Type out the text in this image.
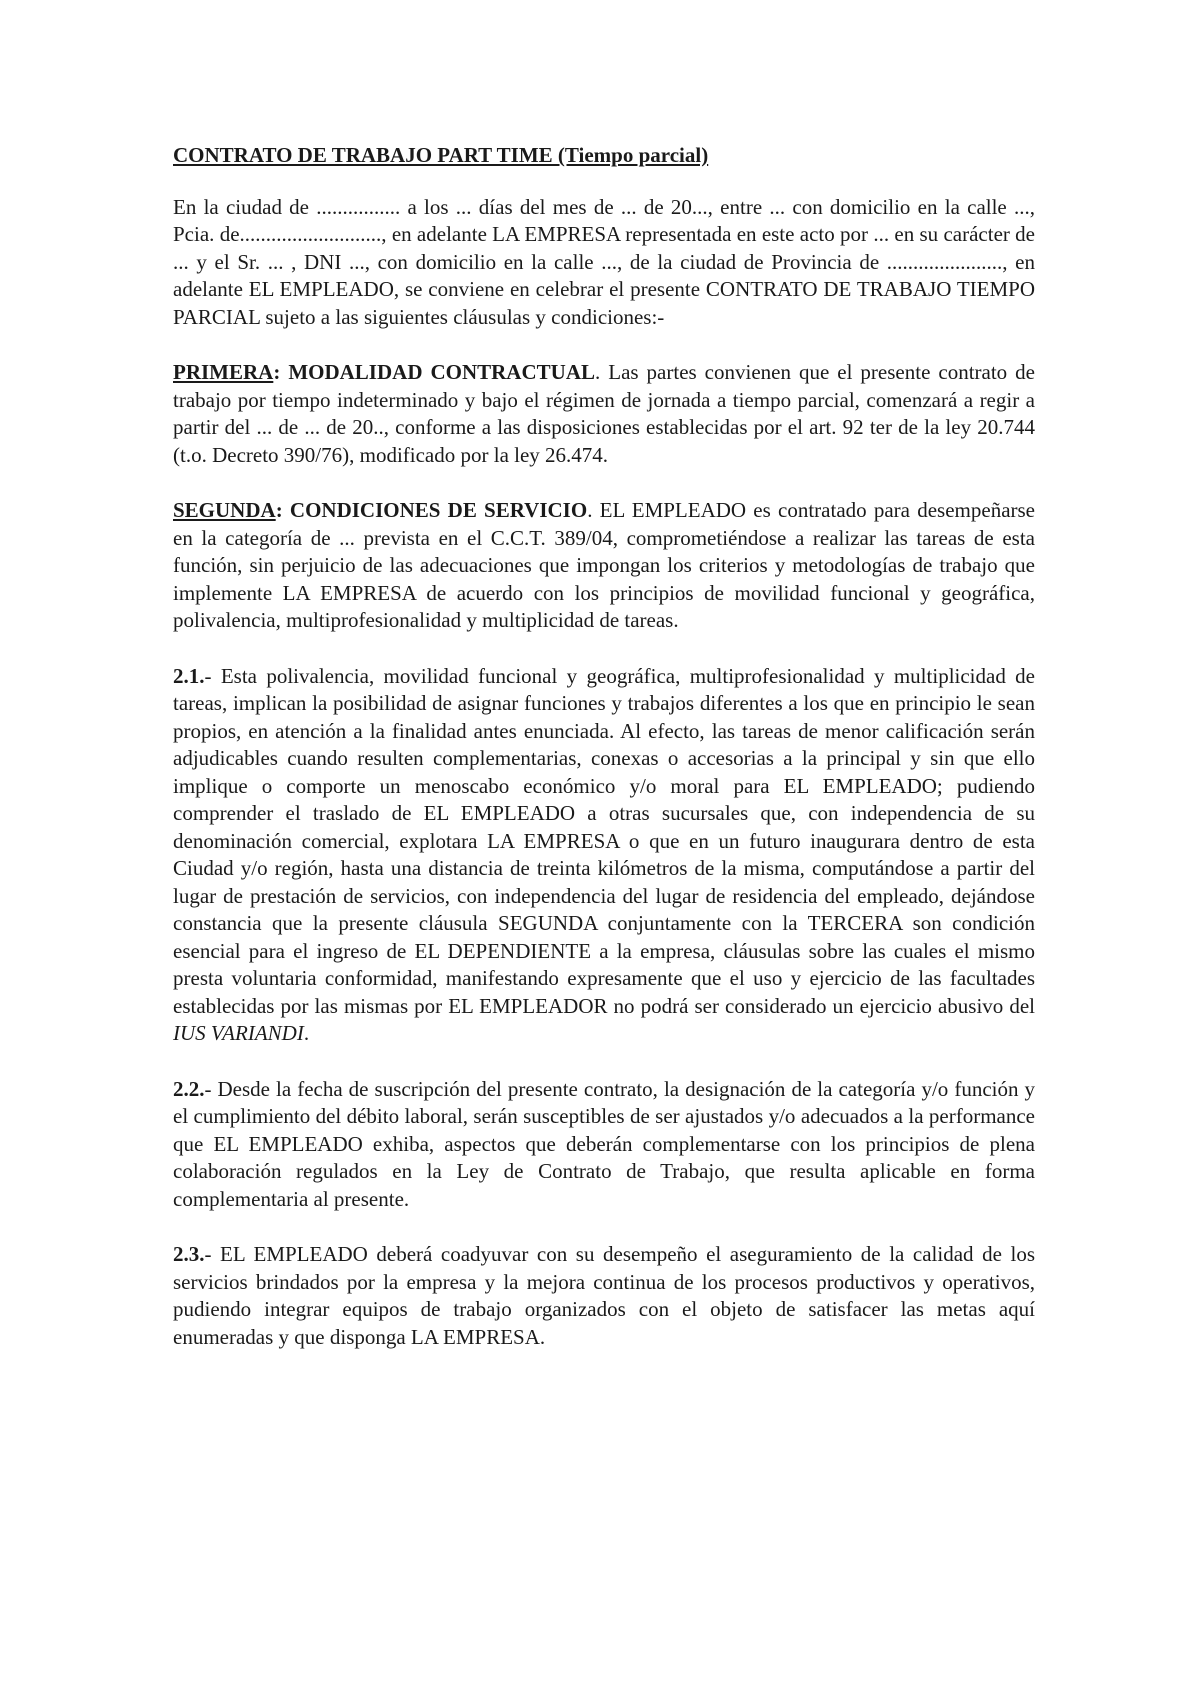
CONTRATO DE TRABAJO PART TIME (Tiempo parcial)

En la ciudad de ................ a los ... días del mes de ... de 20..., entre ... con domicilio en la calle ..., Pcia. de..........................., en adelante LA EMPRESA representada en este acto por ... en su carácter de ... y el Sr. ... , DNI ..., con domicilio en la calle ..., de la ciudad de Provincia de ......................, en adelante EL EMPLEADO, se conviene en celebrar el presente CONTRATO DE TRABAJO TIEMPO PARCIAL sujeto a las siguientes cláusulas y condiciones:-

PRIMERA: MODALIDAD CONTRACTUAL. Las partes convienen que el presente contrato de trabajo por tiempo indeterminado y bajo el régimen de jornada a tiempo parcial, comenzará a regir a partir del ... de ... de 20.., conforme a las disposiciones establecidas por el art. 92 ter de la ley 20.744 (t.o. Decreto 390/76), modificado por la ley 26.474.

SEGUNDA: CONDICIONES DE SERVICIO. EL EMPLEADO es contratado para desempeñarse en la categoría de ... prevista en el C.C.T. 389/04, comprometiéndose a realizar las tareas de esta función, sin perjuicio de las adecuaciones que impongan los criterios y metodologías de trabajo que implemente LA EMPRESA de acuerdo con los principios de movilidad funcional y geográfica, polivalencia, multiprofesionalidad y multiplicidad de tareas.

2.1.- Esta polivalencia, movilidad funcional y geográfica, multiprofesionalidad y multiplicidad de tareas, implican la posibilidad de asignar funciones y trabajos diferentes a los que en principio le sean propios, en atención a la finalidad antes enunciada. Al efecto, las tareas de menor calificación serán adjudicables cuando resulten complementarias, conexas o accesorias a la principal y sin que ello implique o comporte un menoscabo económico y/o moral para EL EMPLEADO; pudiendo comprender el traslado de EL EMPLEADO a otras sucursales que, con independencia de su denominación comercial, explotara LA EMPRESA o que en un futuro inaugurara dentro de esta Ciudad y/o región, hasta una distancia de treinta kilómetros de la misma, computándose a partir del lugar de prestación de servicios, con independencia del lugar de residencia del empleado, dejándose constancia que la presente cláusula SEGUNDA conjuntamente con la TERCERA son condición esencial para el ingreso de EL DEPENDIENTE a la empresa, cláusulas sobre las cuales el mismo presta voluntaria conformidad, manifestando expresamente que el uso y ejercicio de las facultades establecidas por las mismas por EL EMPLEADOR no podrá ser considerado un ejercicio abusivo del IUS VARIANDI.

2.2.- Desde la fecha de suscripción del presente contrato, la designación de la categoría y/o función y el cumplimiento del débito laboral, serán susceptibles de ser ajustados y/o adecuados a la performance que EL EMPLEADO exhiba, aspectos que deberán complementarse con los principios de plena colaboración regulados en la Ley de Contrato de Trabajo, que resulta aplicable en forma complementaria al presente.

2.3.- EL EMPLEADO deberá coadyuvar con su desempeño el aseguramiento de la calidad de los servicios brindados por la empresa y la mejora continua de los procesos productivos y operativos, pudiendo integrar equipos de trabajo organizados con el objeto de satisfacer las metas aquí enumeradas y que disponga LA EMPRESA.
